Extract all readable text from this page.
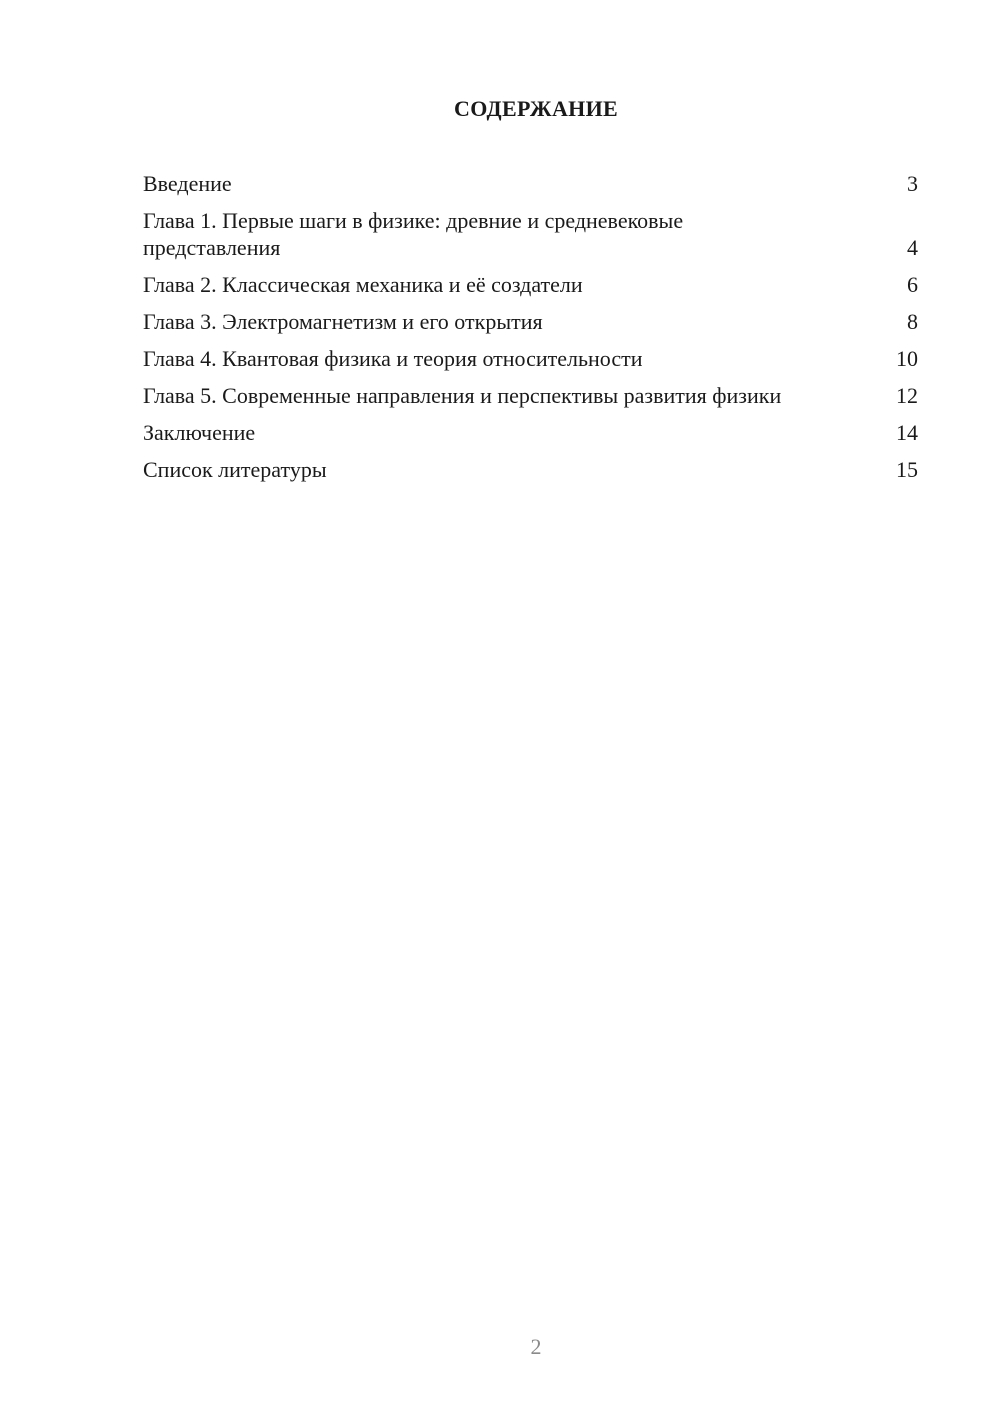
СОДЕРЖАНИЕ
Введение	3
Глава 1. Первые шаги в физике: древние и средневековые представления	4
Глава 2. Классическая механика и её создатели	6
Глава 3. Электромагнетизм и его открытия	8
Глава 4. Квантовая физика и теория относительности	10
Глава 5. Современные направления и перспективы развития физики	12
Заключение	14
Список литературы	15
2
